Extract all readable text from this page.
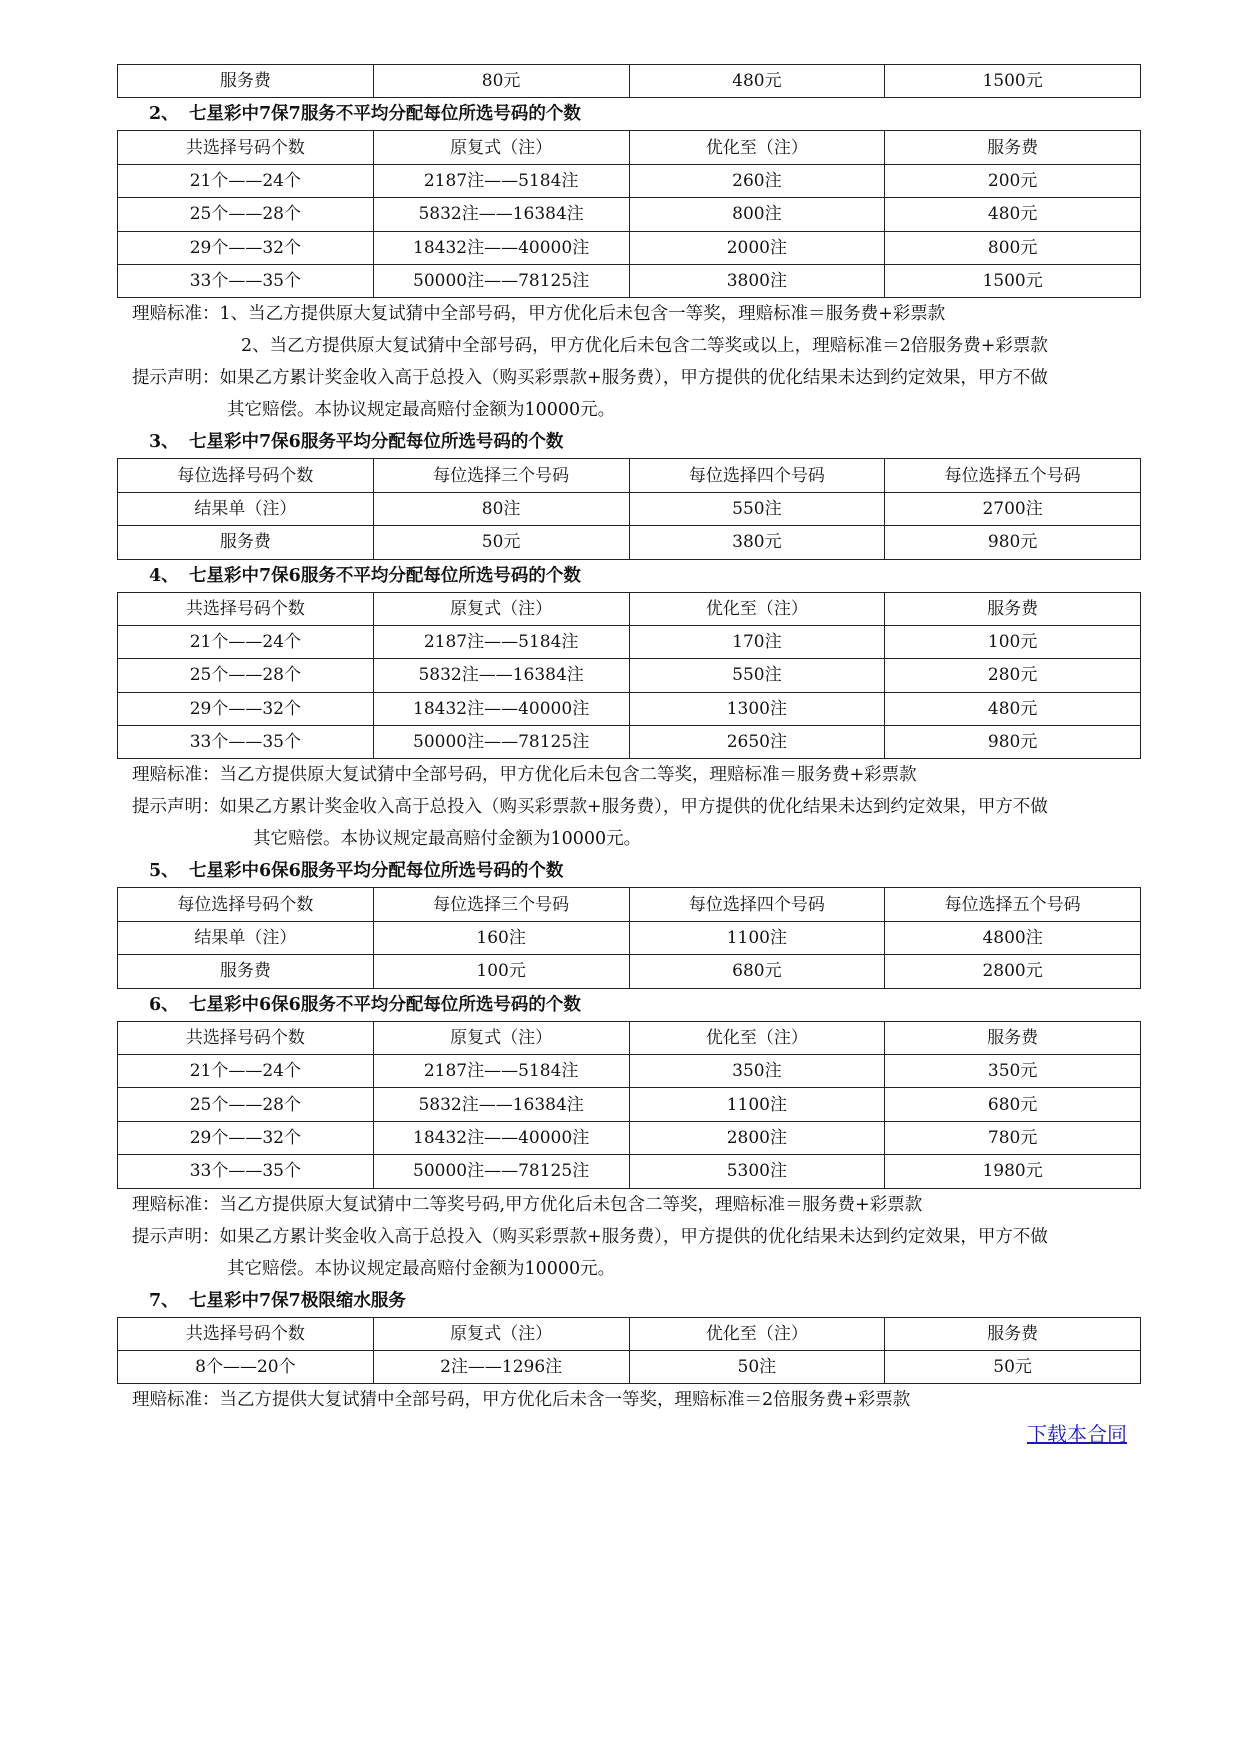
服务费	80元	480元	1500元
2、 七星彩中7保7服务不平均分配每位所选号码的个数
共选择号码个数	原复式（注）	优化至（注）	服务费
21个——24个	2187注——5184注	260注	200元
25个——28个	5832注——16384注	800注	480元
29个——32个	18432注——40000注	2000注	800元
33个——35个	50000注——78125注	3800注	1500元
理赔标准：1、当乙方提供原大复试猜中全部号码，甲方优化后未包含一等奖，理赔标准＝服务费+彩票款
2、当乙方提供原大复试猜中全部号码，甲方优化后未包含二等奖或以上，理赔标准＝2倍服务费+彩票款
提示声明：如果乙方累计奖金收入高于总投入（购买彩票款+服务费），甲方提供的优化结果未达到约定效果，甲方不做
其它赔偿。本协议规定最高赔付金额为10000元。
3、 七星彩中7保6服务平均分配每位所选号码的个数
每位选择号码个数	每位选择三个号码	每位选择四个号码	每位选择五个号码
结果单（注）	80注	550注	2700注
服务费	50元	380元	980元
4、 七星彩中7保6服务不平均分配每位所选号码的个数
共选择号码个数	原复式（注）	优化至（注）	服务费
21个——24个	2187注——5184注	170注	100元
25个——28个	5832注——16384注	550注	280元
29个——32个	18432注——40000注	1300注	480元
33个——35个	50000注——78125注	2650注	980元
理赔标准：当乙方提供原大复试猜中全部号码，甲方优化后未包含二等奖，理赔标准＝服务费+彩票款
提示声明：如果乙方累计奖金收入高于总投入（购买彩票款+服务费），甲方提供的优化结果未达到约定效果，甲方不做
其它赔偿。本协议规定最高赔付金额为10000元。
5、 七星彩中6保6服务平均分配每位所选号码的个数
每位选择号码个数	每位选择三个号码	每位选择四个号码	每位选择五个号码
结果单（注）	160注	1100注	4800注
服务费	100元	680元	2800元
6、 七星彩中6保6服务不平均分配每位所选号码的个数
共选择号码个数	原复式（注）	优化至（注）	服务费
21个——24个	2187注——5184注	350注	350元
25个——28个	5832注——16384注	1100注	680元
29个——32个	18432注——40000注	2800注	780元
33个——35个	50000注——78125注	5300注	1980元
理赔标准：当乙方提供原大复试猜中二等奖号码,甲方优化后未包含二等奖，理赔标准＝服务费+彩票款
提示声明：如果乙方累计奖金收入高于总投入（购买彩票款+服务费），甲方提供的优化结果未达到约定效果，甲方不做
其它赔偿。本协议规定最高赔付金额为10000元。
7、 七星彩中7保7极限缩水服务
共选择号码个数	原复式（注）	优化至（注）	服务费
8个——20个	2注——1296注	50注	50元
理赔标准：当乙方提供大复试猜中全部号码，甲方优化后未含一等奖，理赔标准＝2倍服务费+彩票款
下载本合同
